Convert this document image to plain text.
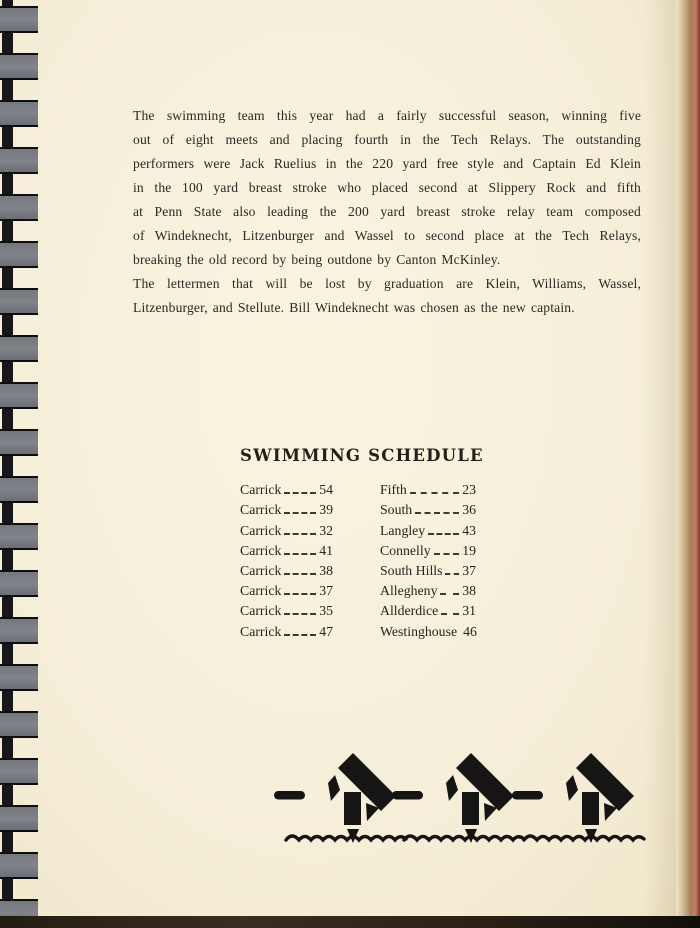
The swimming team this year had a fairly successful season, winning five
out of eight meets and placing fourth in the Tech Relays. The outstanding
performers were Jack Ruelius in the 220 yard free style and Captain Ed Klein
in the 100 yard breast stroke who placed second at Slippery Rock and fifth
at Penn State also leading the 200 yard breast stroke relay team composed
of Windeknecht, Litzenburger and Wassel to second place at the Tech Relays,
breaking the old record by being outdone by Canton McKinley.
The lettermen that will be lost by graduation are Klein, Williams, Wassel,
Litzenburger, and Stellute. Bill Windeknecht was chosen as the new captain.
SWIMMING SCHEDULE
Carrick	54	Fifth	23
Carrick	39	South	36
Carrick	32	Langley	43
Carrick	41	Connelly 19
Carrick	38	South Hills 37
Carrick	37	Allegheny 38
Carrick	35	Allderdice 31
Carrick	47	Westinghouse 46
